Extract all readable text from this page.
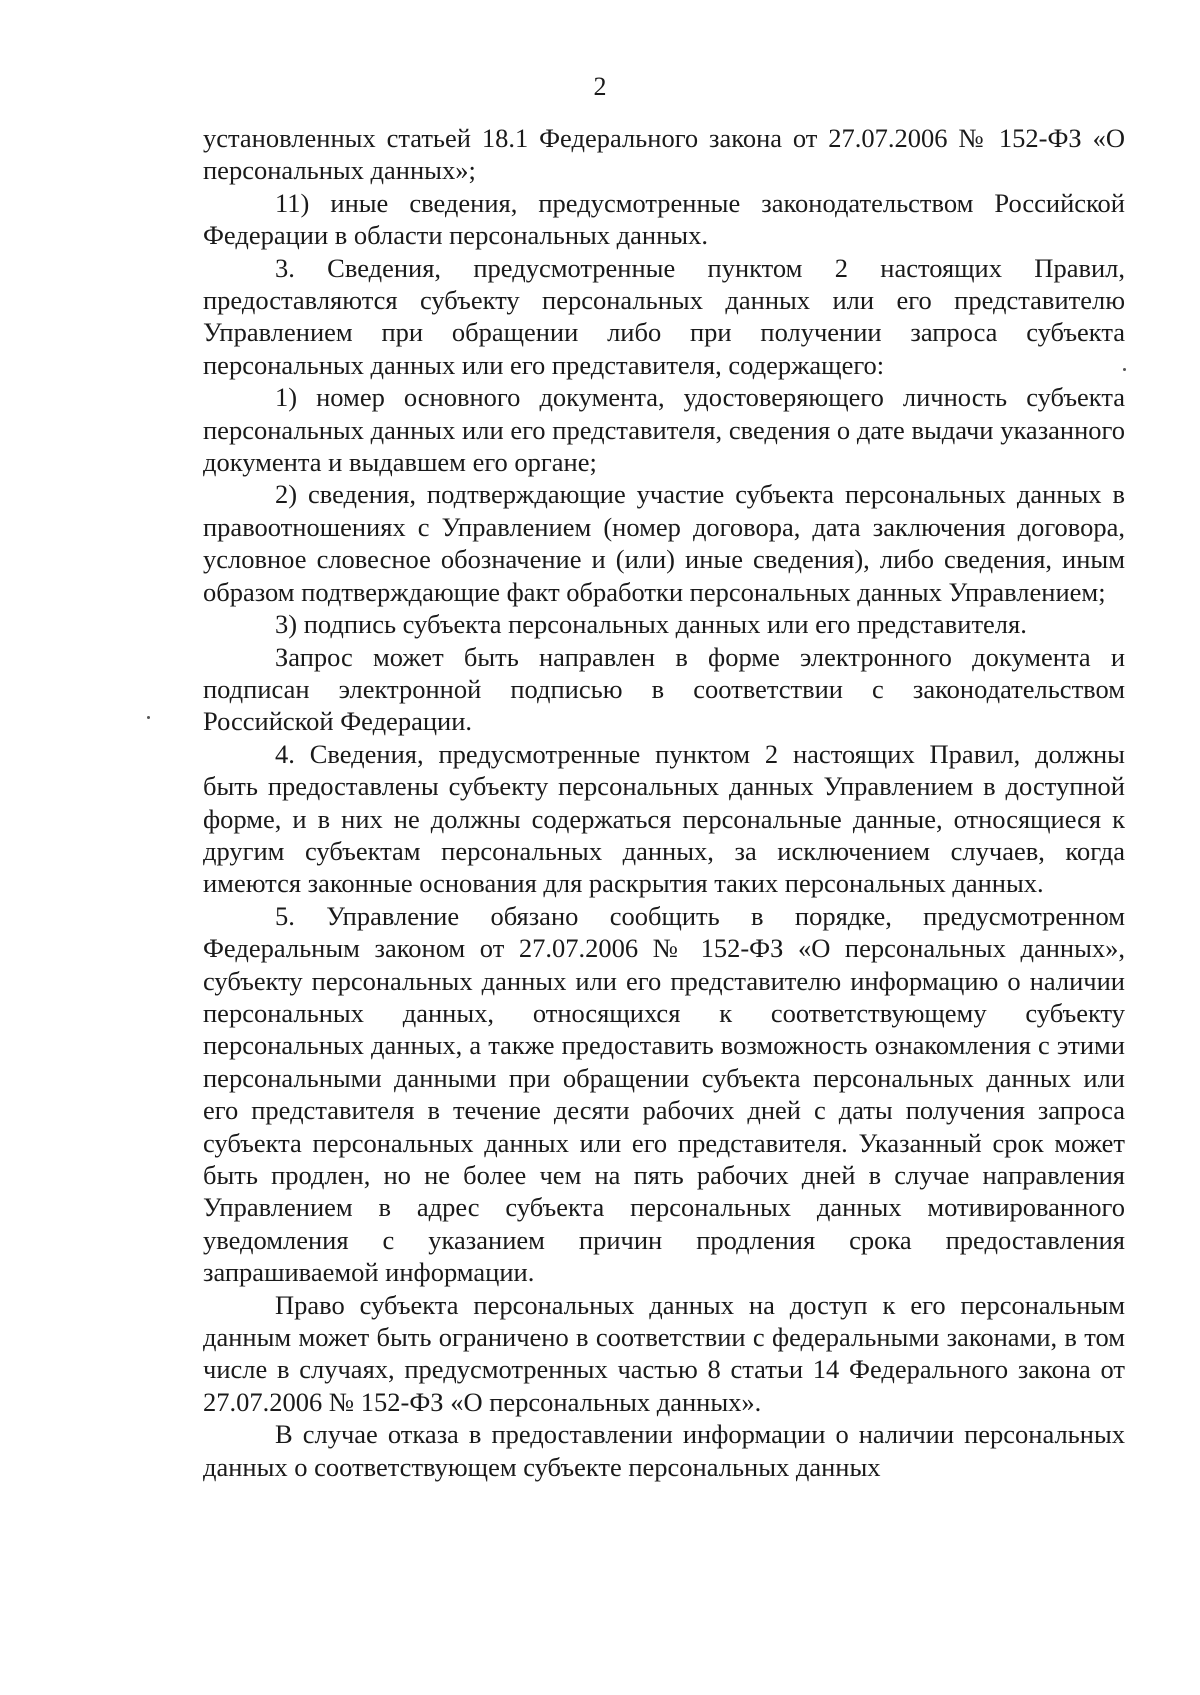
2

установленных статьей 18.1 Федерального закона от 27.07.2006 № 152-ФЗ «О персональных данных»;

11) иные сведения, предусмотренные законодательством Российской Федерации в области персональных данных.

3. Сведения, предусмотренные пунктом 2 настоящих Правил, предоставляются субъекту персональных данных или его представителю Управлением при обращении либо при получении запроса субъекта персональных данных или его представителя, содержащего:

1) номер основного документа, удостоверяющего личность субъекта персональных данных или его представителя, сведения о дате выдачи указанного документа и выдавшем его органе;

2) сведения, подтверждающие участие субъекта персональных данных в правоотношениях с Управлением (номер договора, дата заключения договора, условное словесное обозначение и (или) иные сведения), либо сведения, иным образом подтверждающие факт обработки персональных данных Управлением;

3) подпись субъекта персональных данных или его представителя.

Запрос может быть направлен в форме электронного документа и подписан электронной подписью в соответствии с законодательством Российской Федерации.

4. Сведения, предусмотренные пунктом 2 настоящих Правил, должны быть предоставлены субъекту персональных данных Управлением в доступной форме, и в них не должны содержаться персональные данные, относящиеся к другим субъектам персональных данных, за исключением случаев, когда имеются законные основания для раскрытия таких персональных данных.

5. Управление обязано сообщить в порядке, предусмотренном Федеральным законом от 27.07.2006 № 152-ФЗ «О персональных данных», субъекту персональных данных или его представителю информацию о наличии персональных данных, относящихся к соответствующему субъекту персональных данных, а также предоставить возможность ознакомления с этими персональными данными при обращении субъекта персональных данных или его представителя в течение десяти рабочих дней с даты получения запроса субъекта персональных данных или его представителя. Указанный срок может быть продлен, но не более чем на пять рабочих дней в случае направления Управлением в адрес субъекта персональных данных мотивированного уведомления с указанием причин продления срока предоставления запрашиваемой информации.

Право субъекта персональных данных на доступ к его персональным данным может быть ограничено в соответствии с федеральными законами, в том числе в случаях, предусмотренных частью 8 статьи 14 Федерального закона от 27.07.2006 № 152-ФЗ «О персональных данных».

В случае отказа в предоставлении информации о наличии персональных данных о соответствующем субъекте персональных данных
